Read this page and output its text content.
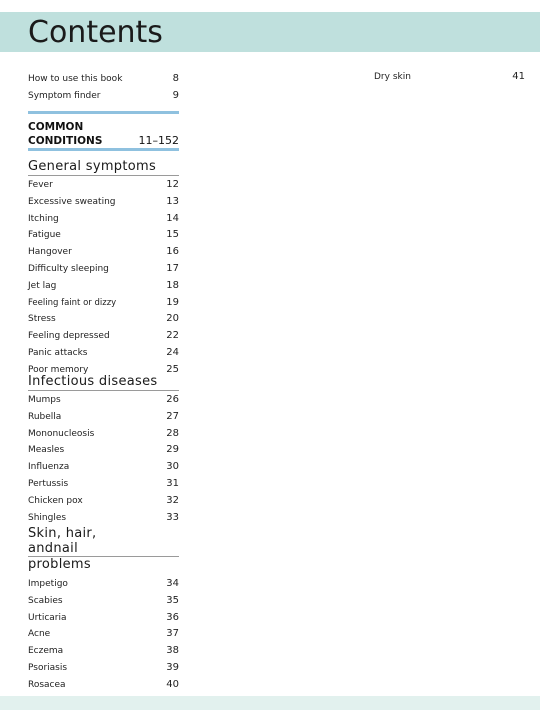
Contents
How to use this book	8
Symptom finder	9
COMMON
CONDITIONS	11–152
General symptoms
Fever	12
Excessive sweating	13
Itching	14
Fatigue	15
Hangover	16
Difficulty sleeping	17
Jet lag	18
Feeling faint or dizzy	19
Stress	20
Feeling depressed	22
Panic attacks	24
Poor memory	25
Infectious diseases
Mumps	26
Rubella	27
Mononucleosis	28
Measles	29
Influenza	30
Pertussis	31
Chicken pox	32
Shingles	33
Skin, hair,
andnail
problems
Impetigo	34
Scabies	35
Urticaria	36
Acne	37
Eczema	38
Psoriasis	39
Rosacea	40
Dry skin	41
